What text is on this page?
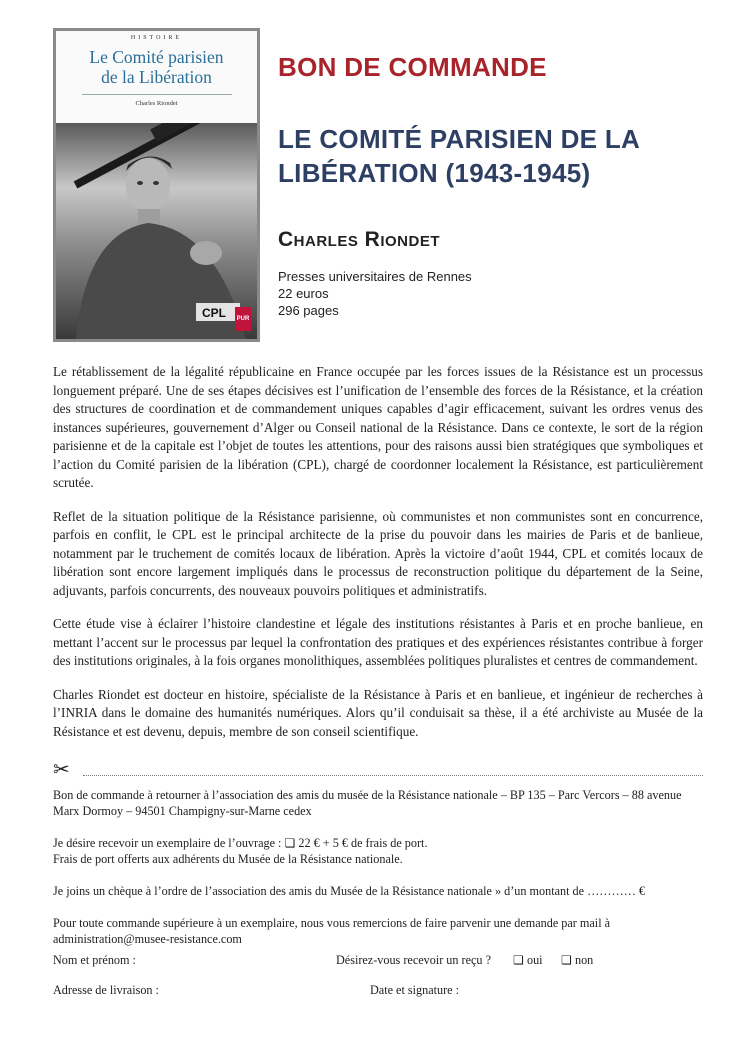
HISTOIRE
Le Comité parisien
de la Libération
Charles Riondet
CPL PUR
BON DE COMMANDE
LE COMITÉ PARISIEN DE LA LIBÉRATION (1943-1945)
Charles Riondet
Presses universitaires de Rennes
22 euros
296 pages

Le rétablissement de la légalité républicaine en France occupée par les forces issues de la Résistance est un processus longuement préparé. Une de ses étapes décisives est l’unification de l’ensemble des forces de la Résistance, et la création des structures de coordination et de commandement uniques capables d’agir efficacement, suivant les ordres venus des instances supérieures, gouvernement d’Alger ou Conseil national de la Résistance. Dans ce contexte, le sort de la région parisienne et de la capitale est l’objet de toutes les attentions, pour des raisons aussi bien stratégiques que symboliques et l’action du Comité parisien de la libération (CPL), chargé de coordonner localement la Résistance, est particulièrement scrutée.

Reflet de la situation politique de la Résistance parisienne, où communistes et non communistes sont en concurrence, parfois en conflit, le CPL est le principal architecte de la prise du pouvoir dans les mairies de Paris et de banlieue, notamment par le truchement de comités locaux de libération. Après la victoire d’août 1944, CPL et comités locaux de libération sont encore largement impliqués dans le processus de reconstruction politique du département de la Seine, adjuvants, parfois concurrents, des nouveaux pouvoirs politiques et administratifs.

Cette étude vise à éclairer l’histoire clandestine et légale des institutions résistantes à Paris et en proche banlieue, en mettant l’accent sur le processus par lequel la confrontation des pratiques et des expériences résistantes contribue à forger des institutions originales, à la fois organes monolithiques, assemblées politiques pluralistes et centres de commandement.

Charles Riondet est docteur en histoire, spécialiste de la Résistance à Paris et en banlieue, et ingénieur de recherches à l’INRIA dans le domaine des humanités numériques. Alors qu’il conduisait sa thèse, il a été archiviste au Musée de la Résistance et est devenu, depuis, membre de son conseil scientifique.

✂

Bon de commande à retourner à l’association des amis du musée de la Résistance nationale – BP 135 – Parc Vercors – 88 avenue Marx Dormoy – 94501 Champigny-sur-Marne cedex

Je désire recevoir un exemplaire de l’ouvrage : ❏ 22 € + 5 € de frais de port.

Frais de port offerts aux adhérents du Musée de la Résistance nationale.

Je joins un chèque à l’ordre de l’association des amis du Musée de la Résistance nationale » d’un montant de ………… €

Pour toute commande supérieure à un exemplaire, nous vous remercions de faire parvenir une demande par mail à administration@musee-resistance.com

Nom et prénom :	Désirez-vous recevoir un reçu ? ❏ oui ❏ non
Adresse de livraison :	Date et signature :
